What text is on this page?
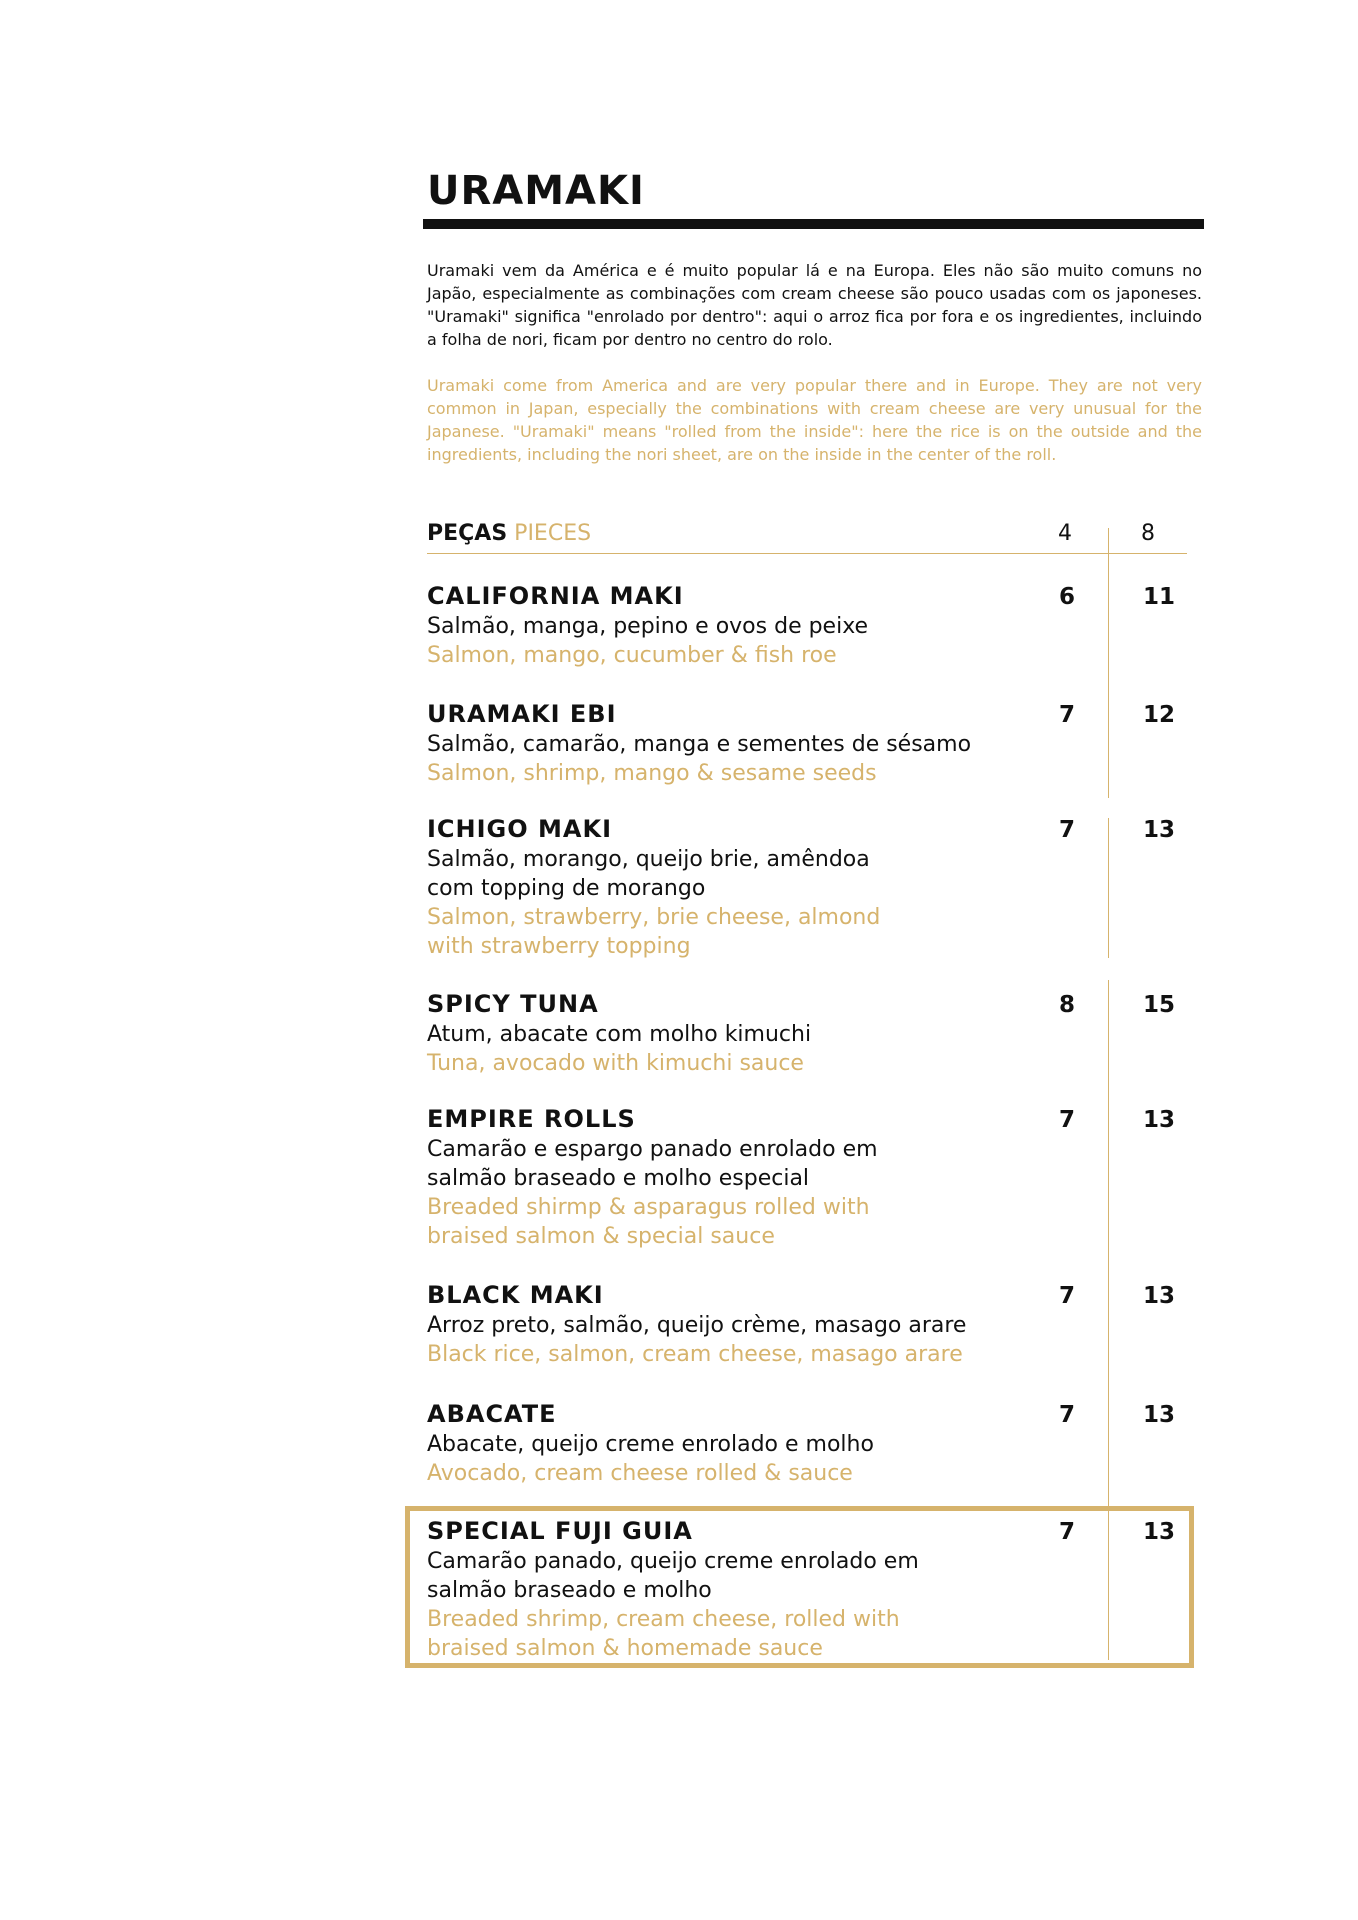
URAMAKI

Uramaki vem da América e é muito popular lá e na Europa. Eles não são muito comuns no Japão, especialmente as combinações com cream cheese são pouco usadas com os japoneses. "Uramaki" significa "enrolado por dentro": aqui o arroz fica por fora e os ingredientes, incluindo a folha de nori, ficam por dentro no centro do rolo.

Uramaki come from America and are very popular there and in Europe. They are not very common in Japan, especially the combinations with cream cheese are very unusual for the Japanese. "Uramaki" means "rolled from the inside": here the rice is on the outside and the ingredients, including the nori sheet, are on the inside in the center of the roll.

PEÇAS PIECES	4	8

CALIFORNIA MAKI	6	11

Salmão, manga, pepino e ovos de peixe

Salmon, mango, cucumber & fish roe

URAMAKI EBI	7	12

Salmão, camarão, manga e sementes de sésamo

Salmon, shrimp, mango & sesame seeds

ICHIGO MAKI	7	13

Salmão, morango, queijo brie, amêndoa
com topping de morango

Salmon, strawberry, brie cheese, almond
with strawberry topping

SPICY TUNA	8	15

Atum, abacate com molho kimuchi

Tuna, avocado with kimuchi sauce

EMPIRE ROLLS	7	13

Camarão e espargo panado enrolado em
salmão braseado e molho especial

Breaded shirmp & asparagus rolled with
braised salmon & special sauce

BLACK MAKI	7	13

Arroz preto, salmão, queijo crème, masago arare

Black rice, salmon, cream cheese, masago arare

ABACATE	7	13

Abacate, queijo creme enrolado e molho

Avocado, cream cheese rolled & sauce

SPECIAL FUJI GUIA	7	13

Camarão panado, queijo creme enrolado em
salmão braseado e molho

Breaded shrimp, cream cheese, rolled with
braised salmon & homemade sauce
